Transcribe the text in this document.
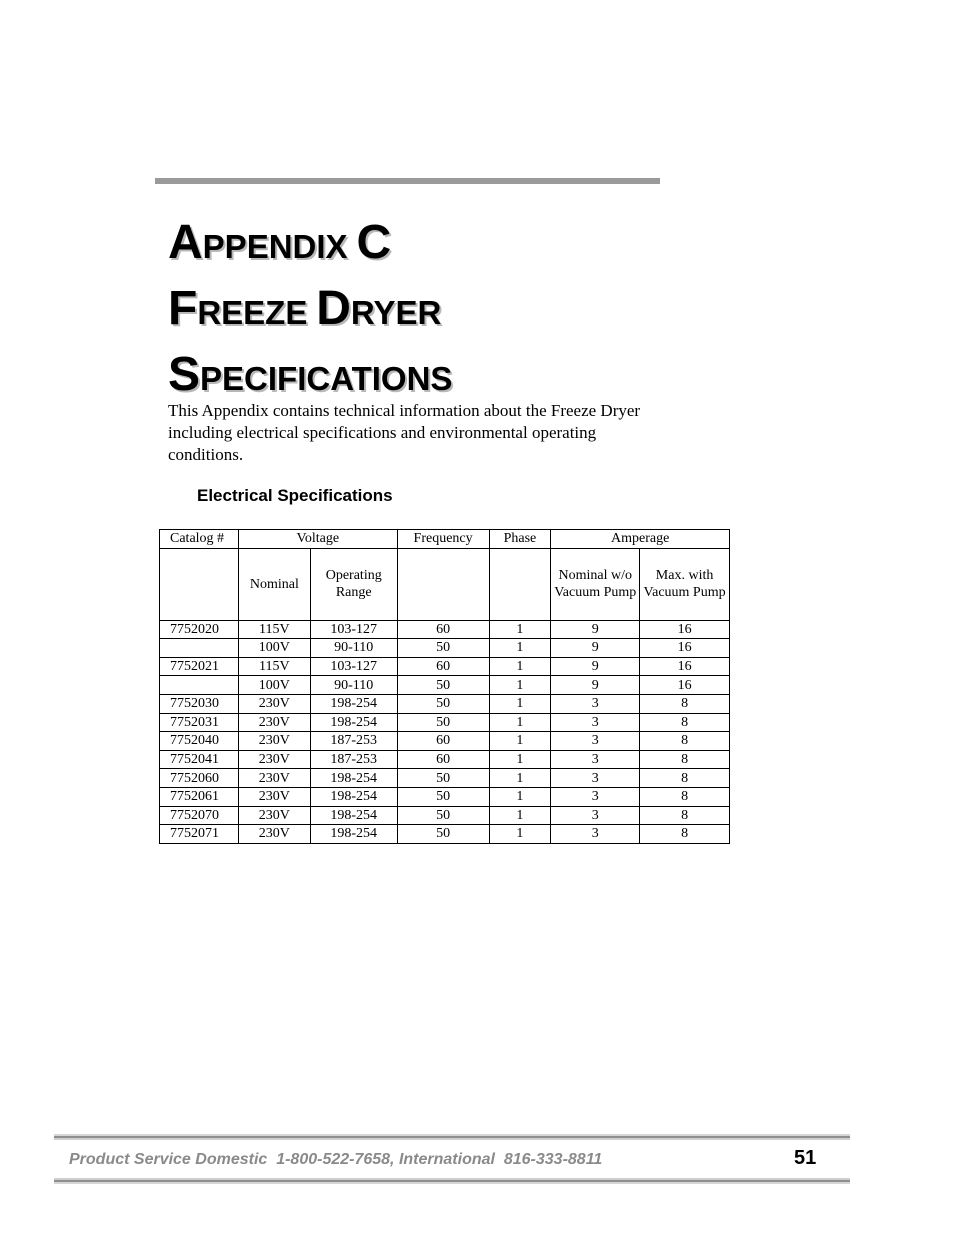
APPENDIX C
FREEZE DRYER
SPECIFICATIONS

This Appendix contains technical information about the Freeze Dryer including electrical specifications and environmental operating conditions.

Electrical Specifications
Catalog #	Voltage		Frequency	Phase	Amperage	
	Nominal	Operating Range			Nominal w/o Vacuum Pump	Max. with Vacuum Pump
7752020	115V	103-127	60	1	9	16
	100V	90-110	50	1	9	16
7752021	115V	103-127	60	1	9	16
	100V	90-110	50	1	9	16
7752030	230V	198-254	50	1	3	8
7752031	230V	198-254	50	1	3	8
7752040	230V	187-253	60	1	3	8
7752041	230V	187-253	60	1	3	8
7752060	230V	198-254	50	1	3	8
7752061	230V	198-254	50	1	3	8
7752070	230V	198-254	50	1	3	8
7752071	230V	198-254	50	1	3	8
Product Service Domestic  1-800-522-7658, International  816-333-8811	51
